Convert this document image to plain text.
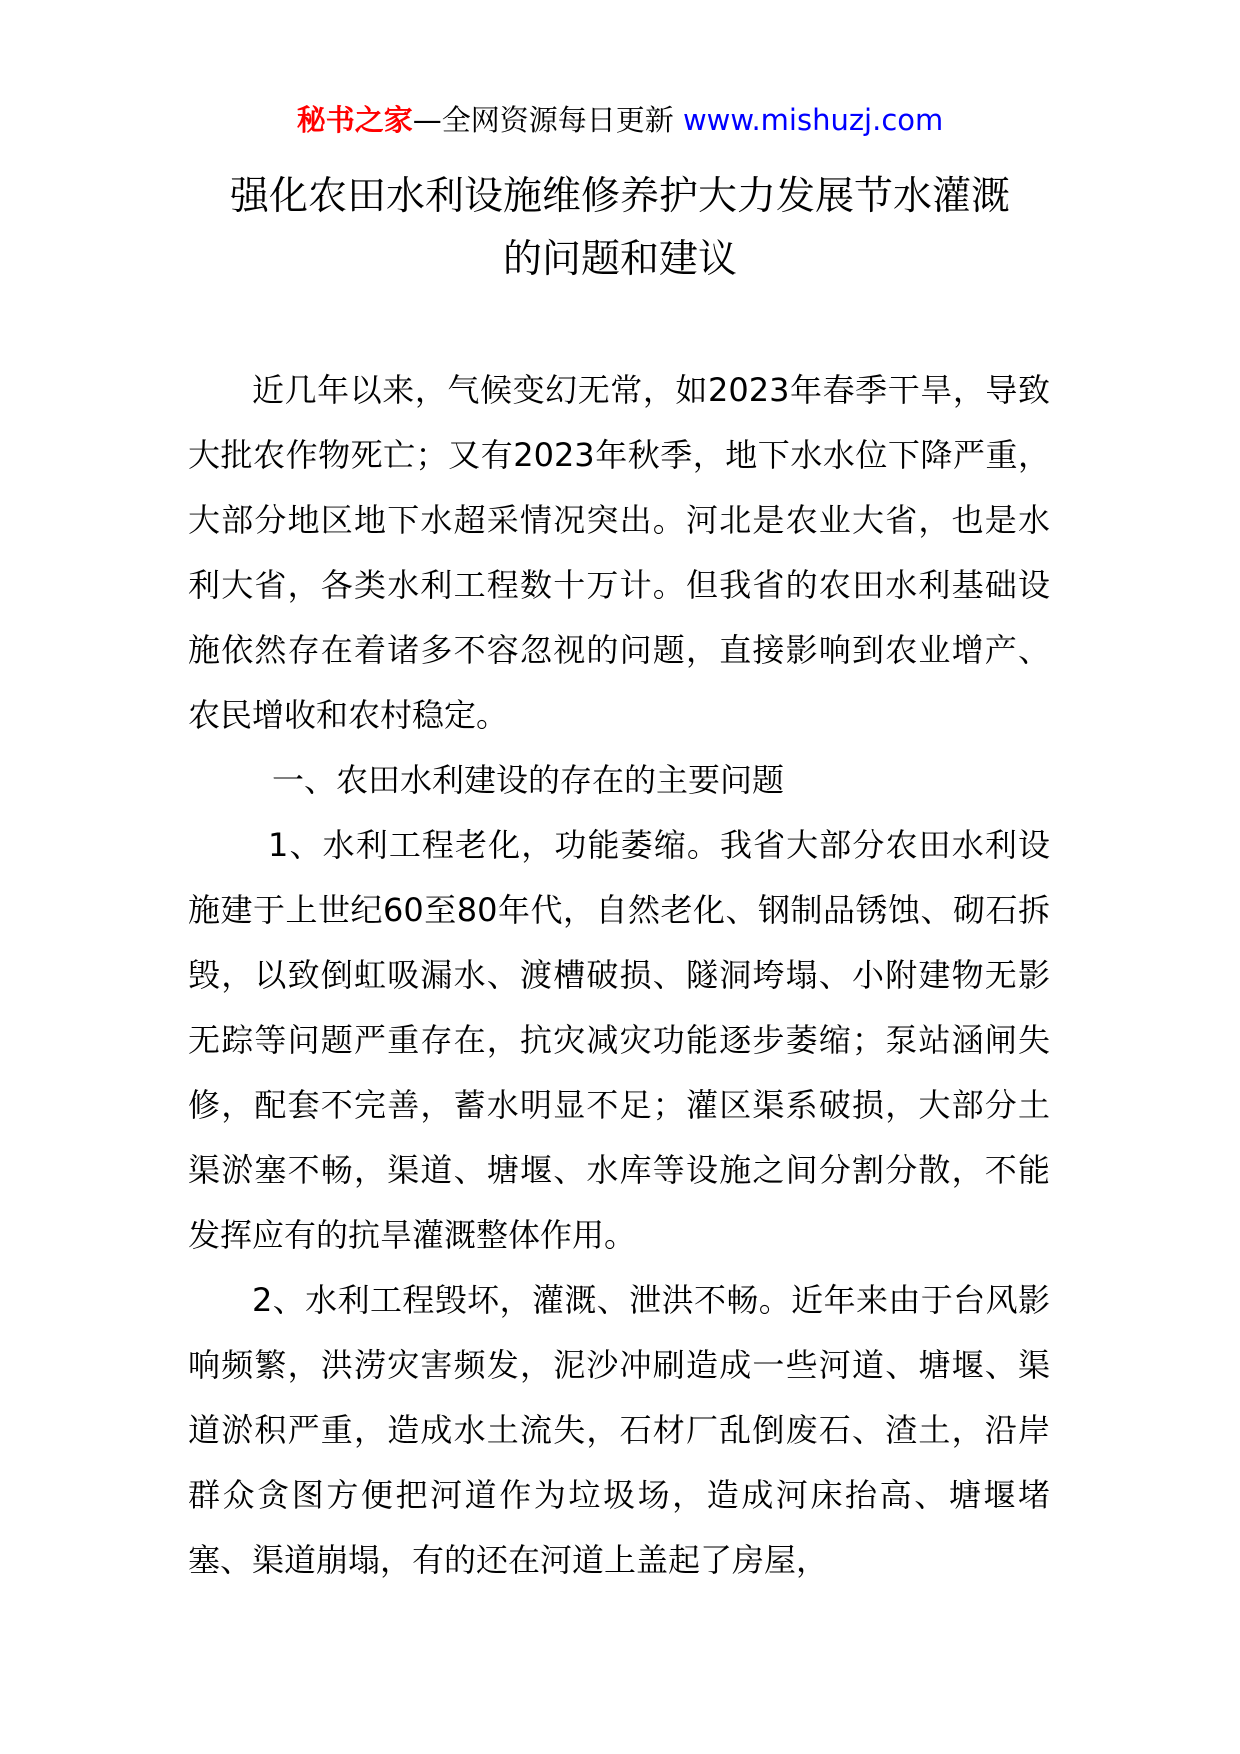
秘书之家—全网资源每日更新 www.mishuzj.com
强化农田水利设施维修养护大力发展节水灌溉
的问题和建议

近几年以来，气候变幻无常，如2023年春季干旱，导致大批农作物死亡；又有2023年秋季，地下水水位下降严重，大部分地区地下水超采情况突出。河北是农业大省，也是水利大省，各类水利工程数十万计。但我省的农田水利基础设施依然存在着诸多不容忽视的问题，直接影响到农业增产、农民增收和农村稳定。

一、农田水利建设的存在的主要问题

1、水利工程老化，功能萎缩。我省大部分农田水利设施建于上世纪60至80年代，自然老化、钢制品锈蚀、砌石拆毁，以致倒虹吸漏水、渡槽破损、隧洞垮塌、小附建物无影无踪等问题严重存在，抗灾减灾功能逐步萎缩；泵站涵闸失修，配套不完善，蓄水明显不足；灌区渠系破损，大部分土渠淤塞不畅，渠道、塘堰、水库等设施之间分割分散，不能发挥应有的抗旱灌溉整体作用。

2、水利工程毁坏，灌溉、泄洪不畅。近年来由于台风影响频繁，洪涝灾害频发，泥沙冲刷造成一些河道、塘堰、渠道淤积严重，造成水土流失，石材厂乱倒废石、渣土，沿岸群众贪图方便把河道作为垃圾场，造成河床抬高、塘堰堵塞、渠道崩塌，有的还在河道上盖起了房屋，
